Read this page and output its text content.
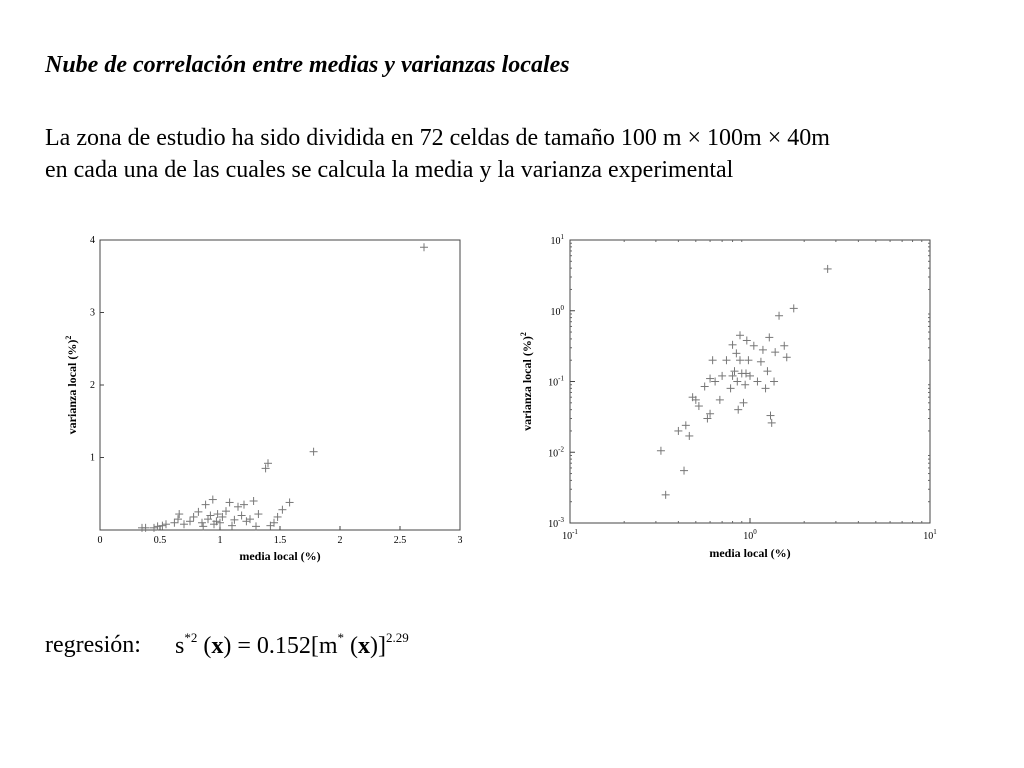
Nube de correlación entre medias y varianzas locales
La zona de estudio ha sido dividida en 72 celdas de tamaño 100 m × 100m × 40m
en cada una de las cuales se calcula la media y la varianza experimental
0	0.5	1	1.5	2	2.5	3
1
2
3
4
media local (%)
varianza local (%)$^2$
$10^{-1}$	$10^0$	$10^1$
$10^{-3}$
$10^{-2}$
$10^{-1}$
$10^0$
$10^1$
media local (%)
varianza local (%)$^2$
regresión: $s^{*2}$ (x) = 0.152[m* (x)]$^{2.29}$
